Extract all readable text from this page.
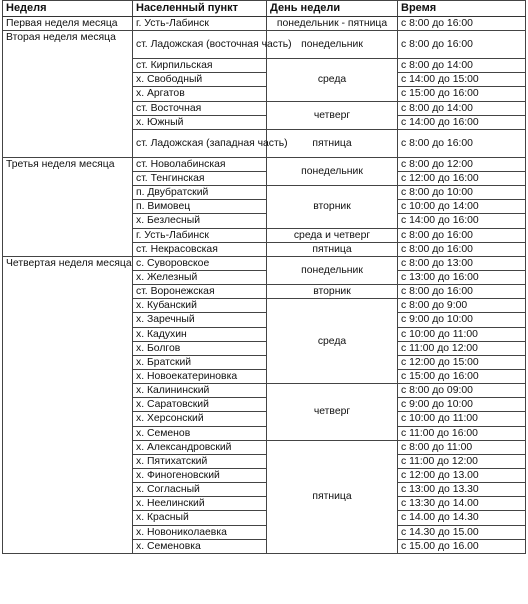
Неделя	Населенный пункт	День недели	Время
Первая неделя месяца	г. Усть-Лабинск	понедельник - пятница	с 8:00 до 16:00
Вторая неделя месяца	ст. Ладожская (восточная часть)	понедельник	с 8:00 до 16:00
	ст. Кирпильская	среда	с 8:00 до 14:00
	х. Свободный		с 14:00 до 15:00
	х. Аргатов		с 15:00 до 16:00
	ст. Восточная	четверг	с 8:00 до 14:00
	х. Южный		с 14:00 до 16:00
	ст. Ладожская (западная часть)	пятница	с 8:00 до 16:00
Третья неделя месяца	ст. Новолабинская	понедельник	с 8:00 до 12:00
	ст. Тенгинская		с 12:00 до 16:00
	п. Двубратский	вторник	с 8:00 до 10:00
	п. Вимовец		с 10:00 до 14:00
	х. Безлесный		с 14:00 до 16:00
	г. Усть-Лабинск	среда и четверг	с 8:00 до 16:00
	ст. Некрасовская	пятница	с 8:00 до 16:00
Четвертая неделя месяца	с. Суворовское	понедельник	с 8:00 до 13:00
	х. Железный		с 13:00 до 16:00
	ст. Воронежская	вторник	с 8:00 до 16:00
	х. Кубанский	среда	с 8:00 до 9:00
	х. Заречный		с 9:00 до 10:00
	х. Кадухин		с 10:00 до 11:00
	х. Болгов		с 11:00 до 12:00
	х. Братский		с 12:00 до 15:00
	х. Новоекатериновка		с 15:00 до 16:00
	х. Калининский	четверг	с 8:00 до 09:00
	х. Саратовский		с 9:00 до 10:00
	х. Херсонский		с 10:00 до 11:00
	х. Семенов		с 11:00 до 16:00
	х. Александровский	пятница	с 8:00 до 11:00
	х. Пятихатский		с 11:00 до 12:00
	х. Финогеновский		с 12:00 до 13.00
	х. Согласный		с 13:00 до 13.30
	х. Неелинский		с 13:30 до 14.00
	х. Красный		с 14.00 до 14.30
	х. Новониколаевка		с 14.30 до 15.00
	х. Семеновка		с 15.00 до 16.00
